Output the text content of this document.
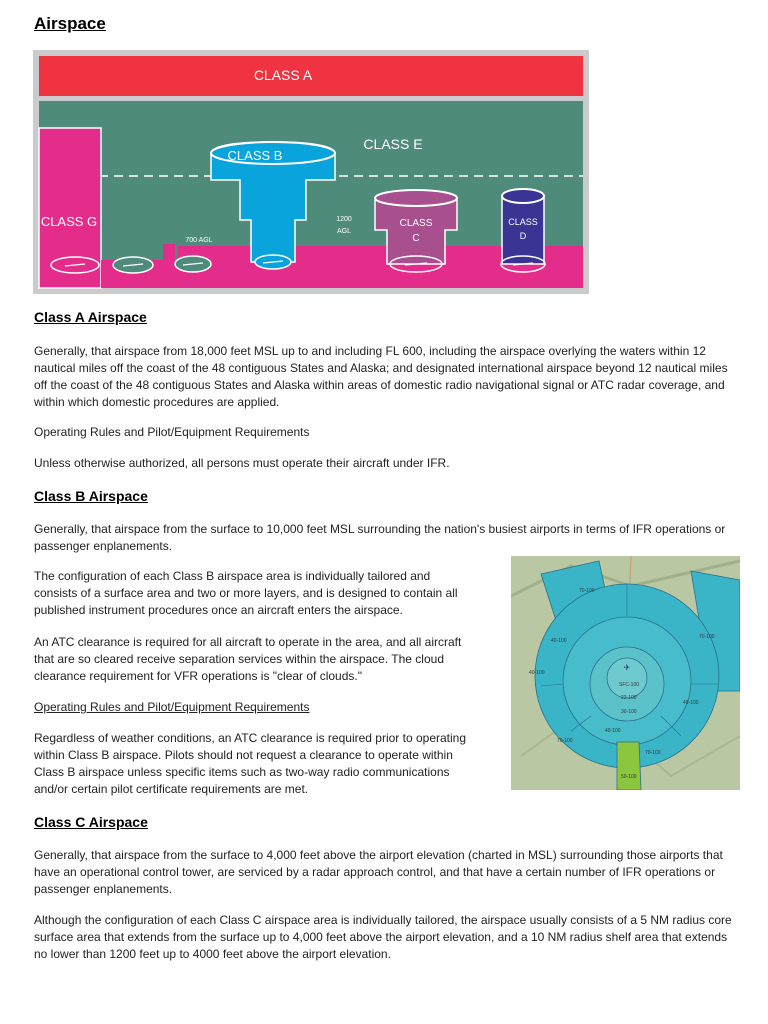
Airspace
CLASS A
CLASS E
CLASS B
CLASS G
700 AGL
1200
AGL
CLASS
C
CLASS
D
Class A Airspace

Generally, that airspace from 18,000 feet MSL up to and including FL 600, including the airspace overlying the waters within 12 nautical miles off the coast of the 48 contiguous States and Alaska; and designated international airspace beyond 12 nautical miles off the coast of the 48 contiguous States and Alaska within areas of domestic radio navigational signal or ATC radar coverage, and within which domestic procedures are applied.

Operating Rules and Pilot/Equipment Requirements

Unless otherwise authorized, all persons must operate their aircraft under IFR.

Class B Airspace

Generally, that airspace from the surface to 10,000 feet MSL surrounding the nation's busiest airports in terms of IFR operations or passenger enplanements.

The configuration of each Class B airspace area is individually tailored and consists of a surface area and two or more layers, and is designed to contain all published instrument procedures once an aircraft enters the airspace.

An ATC clearance is required for all aircraft to operate in the area, and all aircraft that are so cleared receive separation services within the airspace. The cloud clearance requirement for VFR operations is "clear of clouds."

Operating Rules and Pilot/Equipment Requirements

Regardless of weather conditions, an ATC clearance is required prior to operating within Class B airspace. Pilots should not request a clearance to operate within Class B airspace unless specific items such as two-way radio communications and/or certain pilot certificate requirements are met.

✈
70-100
40-100
70-100
SFC-100
23-100
30-100
40-100
49-100
70-100
70-100
40-100
50-100
Class C Airspace

Generally, that airspace from the surface to 4,000 feet above the airport elevation (charted in MSL) surrounding those airports that have an operational control tower, are serviced by a radar approach control, and that have a certain number of IFR operations or passenger enplanements.

Although the configuration of each Class C airspace area is individually tailored, the airspace usually consists of a 5 NM radius core surface area that extends from the surface up to 4,000 feet above the airport elevation, and a 10 NM radius shelf area that extends no lower than 1200 feet up to 4000 feet above the airport elevation.
